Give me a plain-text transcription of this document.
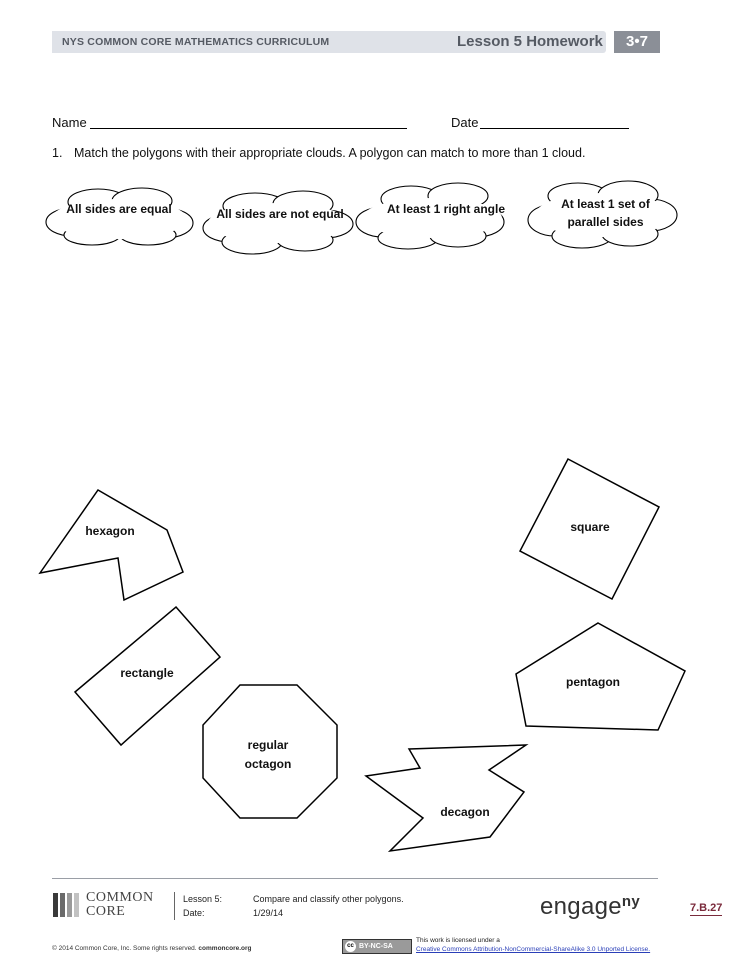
NYS COMMON CORE MATHEMATICS CURRICULUM	Lesson 5 Homework	3•7
Name	Date
1. Match the polygons with their appropriate clouds. A polygon can match to more than 1 cloud.
All sides are equal	All sides are not equal	At least 1 right angle	At least 1 set of
parallel sides
hexagon	square
rectangle
pentagon
regular
octagon
decagon
COMMON
CORE
Lesson 5:
Date:
Compare and classify other polygons.
1/29/14	engage$^{ny}$	7.B.27
© 2014 Common Core, Inc. Some rights reserved. commoncore.org	cc BY-NC-SA
This work is licensed under a
Creative Commons Attribution-NonCommercial-ShareAlike 3.0 Unported License.
